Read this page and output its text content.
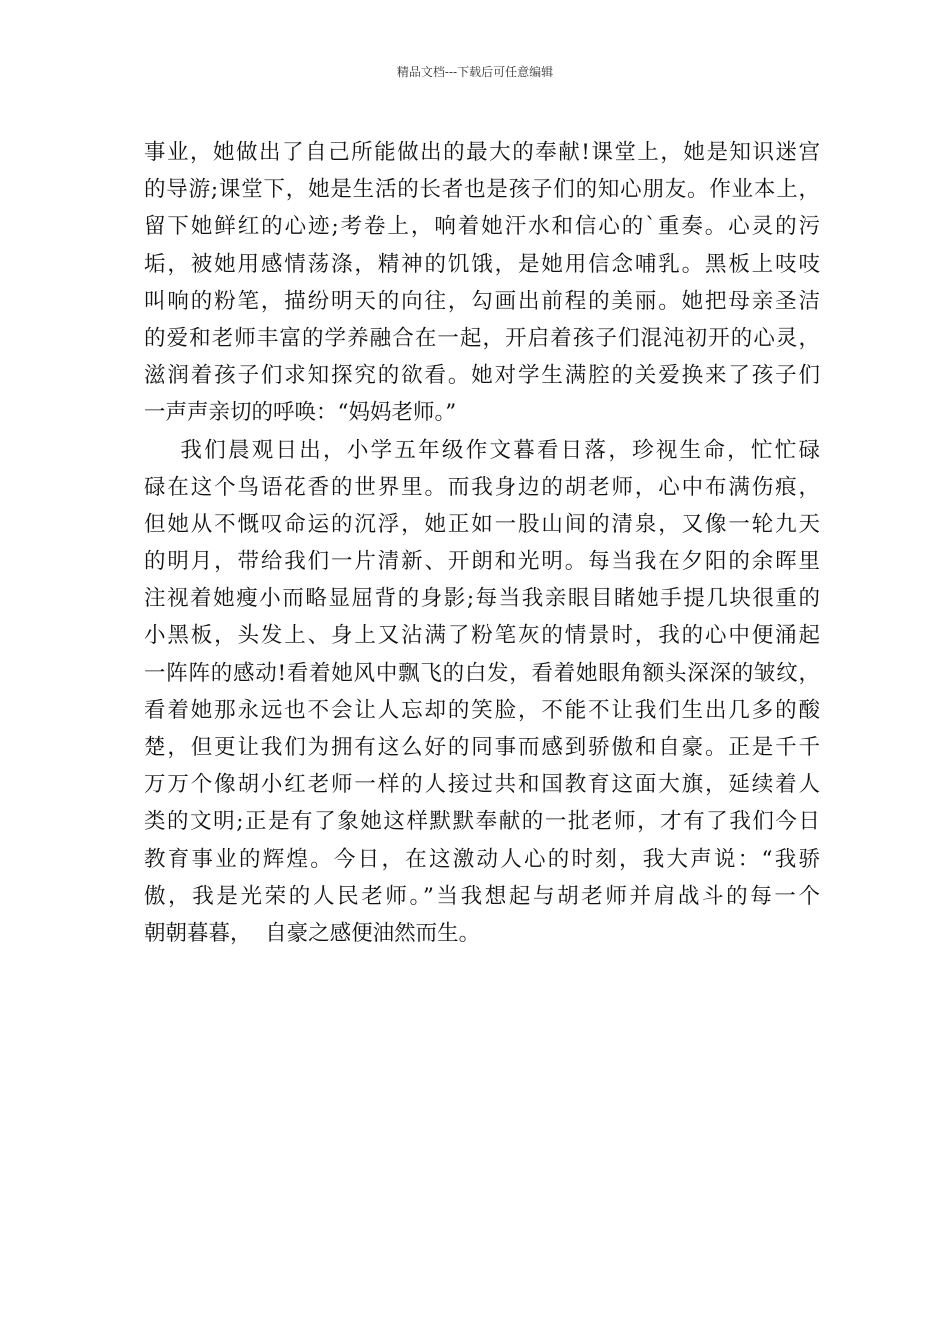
精品文档---下载后可任意编辑
事业，她做出了自己所能做出的最大的奉献!课堂上，她是知识迷宫
的导游;课堂下，她是生活的长者也是孩子们的知心朋友。作业本上，
留下她鲜红的心迹;考卷上，响着她汗水和信心的`重奏。心灵的污
垢，被她用感情荡涤，精神的饥饿，是她用信念哺乳。黑板上吱吱
叫响的粉笔，描纷明天的向往，勾画出前程的美丽。她把母亲圣洁
的爱和老师丰富的学养融合在一起，开启着孩子们混沌初开的心灵，
滋润着孩子们求知探究的欲看。她对学生满腔的关爱换来了孩子们
一声声亲切的呼唤：“妈妈老师。”
我们晨观日出，小学五年级作文暮看日落，珍视生命，忙忙碌
碌在这个鸟语花香的世界里。而我身边的胡老师，心中布满伤痕，
但她从不慨叹命运的沉浮，她正如一股山间的清泉，又像一轮九天
的明月，带给我们一片清新、开朗和光明。每当我在夕阳的余晖里
注视着她瘦小而略显屈背的身影;每当我亲眼目睹她手提几块很重的
小黑板，头发上、身上又沾满了粉笔灰的情景时，我的心中便涌起
一阵阵的感动!看着她风中飘飞的白发，看着她眼角额头深深的皱纹，
看着她那永远也不会让人忘却的笑脸，不能不让我们生出几多的酸
楚，但更让我们为拥有这么好的同事而感到骄傲和自豪。正是千千
万万个像胡小红老师一样的人接过共和国教育这面大旗，延续着人
类的文明;正是有了象她这样默默奉献的一批老师，才有了我们今日
教育事业的辉煌。今日，在这激动人心的时刻，我大声说：“我骄
傲，我是光荣的人民老师。”当我想起与胡老师并肩战斗的每一个
朝朝暮暮，  自豪之感便油然而生。
